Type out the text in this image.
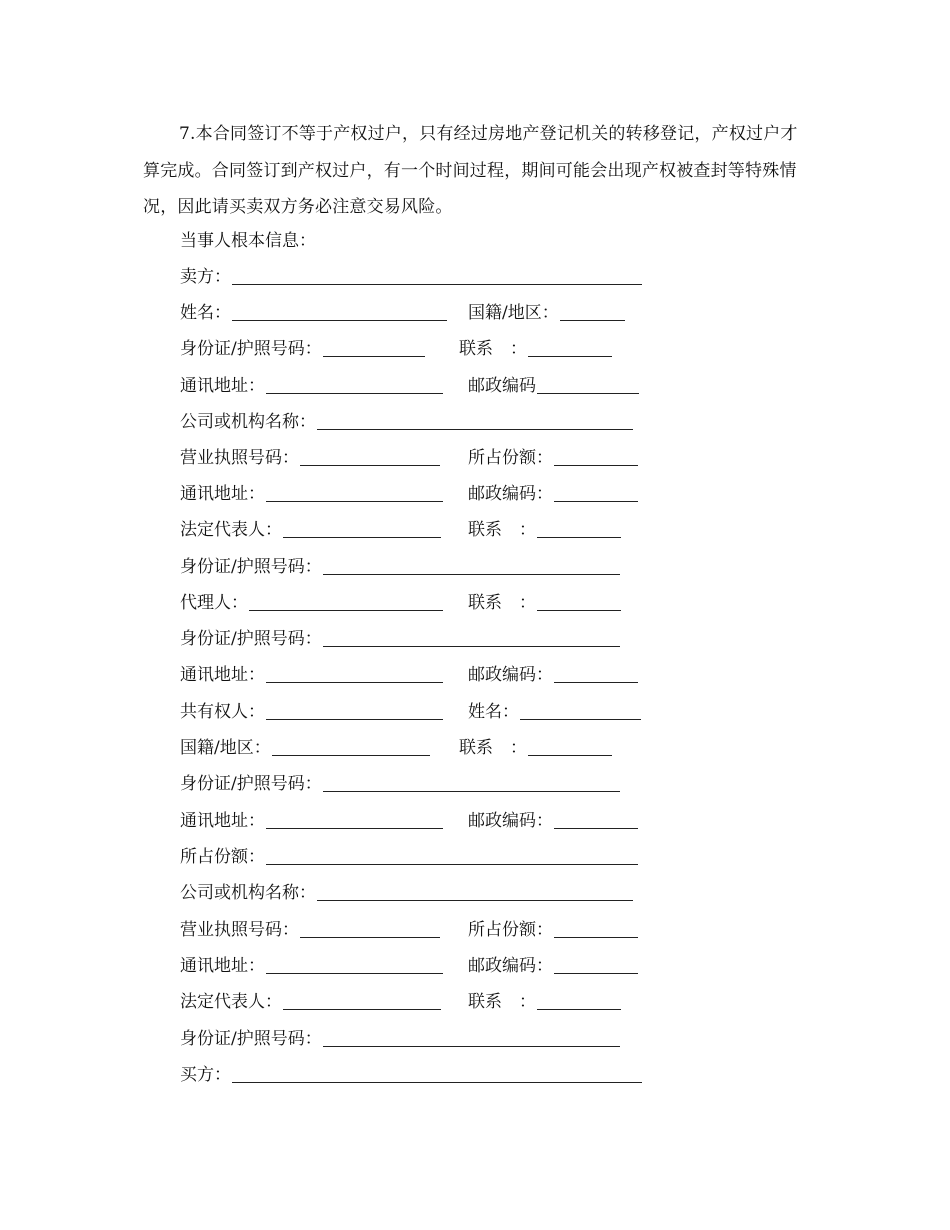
7.本合同签订不等于产权过户，只有经过房地产登记机关的转移登记，产权过户才算完成。合同签订到产权过户，有一个时间过程，期间可能会出现产权被查封等特殊情况，因此请买卖双方务必注意交易风险。

当事人根本信息：
卖方：
姓名：	国籍/地区：
身份证/护照号码：	联系　：
通讯地址：	邮政编码
公司或机构名称：
营业执照号码：	所占份额：
通讯地址：	邮政编码：
法定代表人：	联系　：
身份证/护照号码：
代理人：	联系　：
身份证/护照号码：
通讯地址：	邮政编码：
共有权人：	姓名：
国籍/地区：	联系　：
身份证/护照号码：
通讯地址：	邮政编码：
所占份额：
公司或机构名称：
营业执照号码：	所占份额：
通讯地址：	邮政编码：
法定代表人：	联系　：
身份证/护照号码：
买方：
